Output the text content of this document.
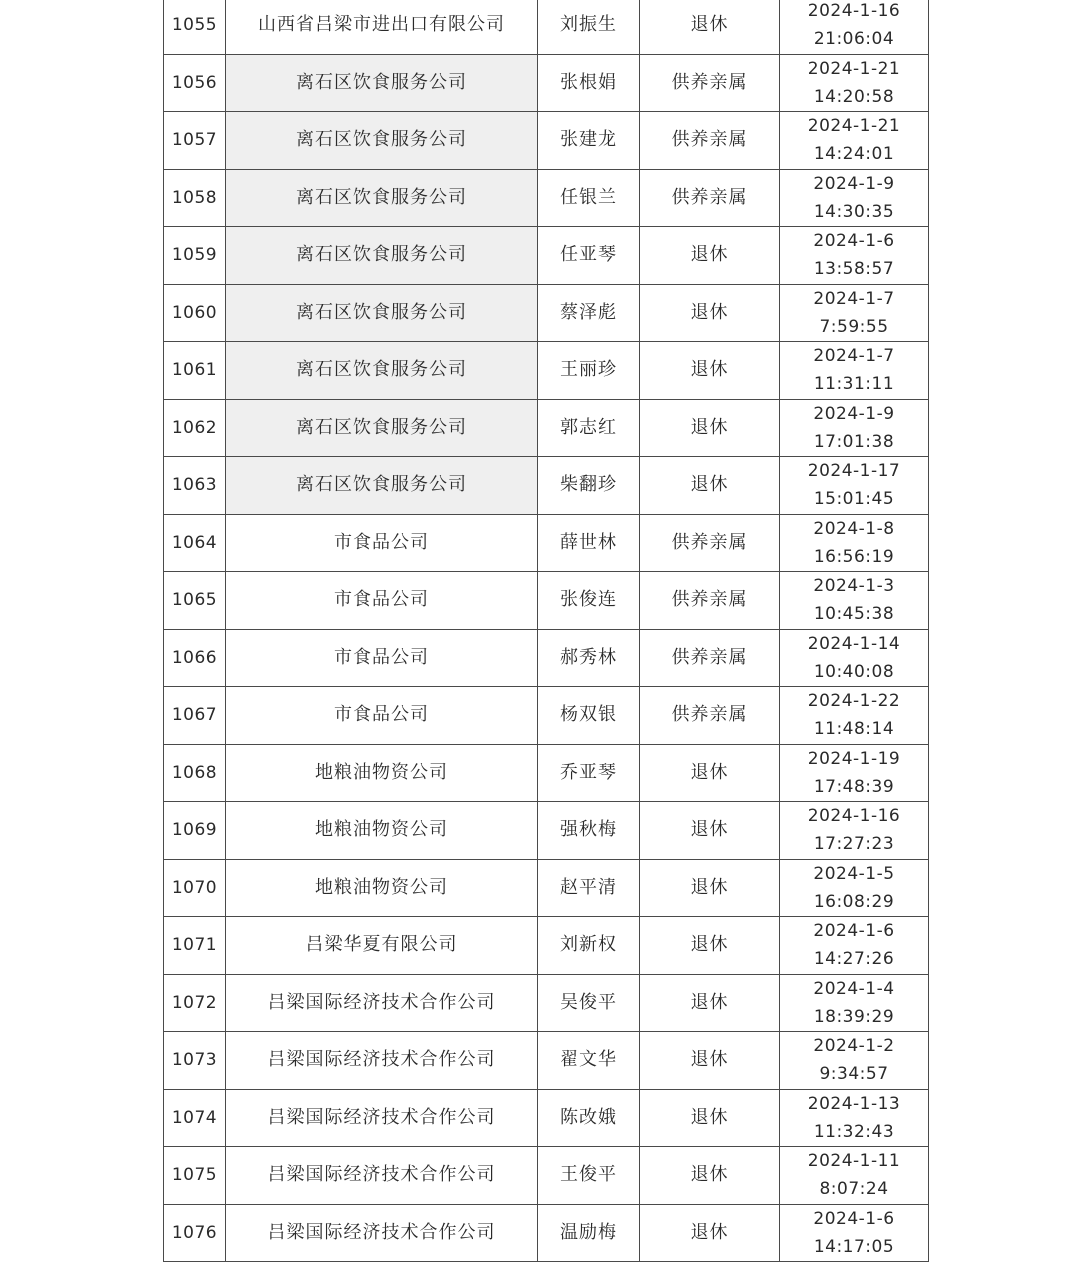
1055	山西省吕梁市进出口有限公司	刘振生	退休	2024-1-16
21:06:04

1056	离石区饮食服务公司	张根娟	供养亲属	2024-1-21
14:20:58

1057	离石区饮食服务公司	张建龙	供养亲属	2024-1-21
14:24:01

1058	离石区饮食服务公司	任银兰	供养亲属	2024-1-9
14:30:35

1059	离石区饮食服务公司	任亚琴	退休	2024-1-6
13:58:57

1060	离石区饮食服务公司	蔡泽彪	退休	2024-1-7
7:59:55

1061	离石区饮食服务公司	王丽珍	退休	2024-1-7
11:31:11

1062	离石区饮食服务公司	郭志红	退休	2024-1-9
17:01:38

1063	离石区饮食服务公司	柴翻珍	退休	2024-1-17
15:01:45

1064	市食品公司	薛世林	供养亲属	2024-1-8
16:56:19

1065	市食品公司	张俊连	供养亲属	2024-1-3
10:45:38

1066	市食品公司	郝秀林	供养亲属	2024-1-14
10:40:08

1067	市食品公司	杨双银	供养亲属	2024-1-22
11:48:14

1068	地粮油物资公司	乔亚琴	退休	2024-1-19
17:48:39

1069	地粮油物资公司	强秋梅	退休	2024-1-16
17:27:23

1070	地粮油物资公司	赵平清	退休	2024-1-5
16:08:29

1071	吕梁华夏有限公司	刘新权	退休	2024-1-6
14:27:26

1072	吕梁国际经济技术合作公司	吴俊平	退休	2024-1-4
18:39:29

1073	吕梁国际经济技术合作公司	翟文华	退休	2024-1-2
9:34:57

1074	吕梁国际经济技术合作公司	陈改娥	退休	2024-1-13
11:32:43

1075	吕梁国际经济技术合作公司	王俊平	退休	2024-1-11
8:07:24

1076	吕梁国际经济技术合作公司	温励梅	退休	2024-1-6
14:17:05
